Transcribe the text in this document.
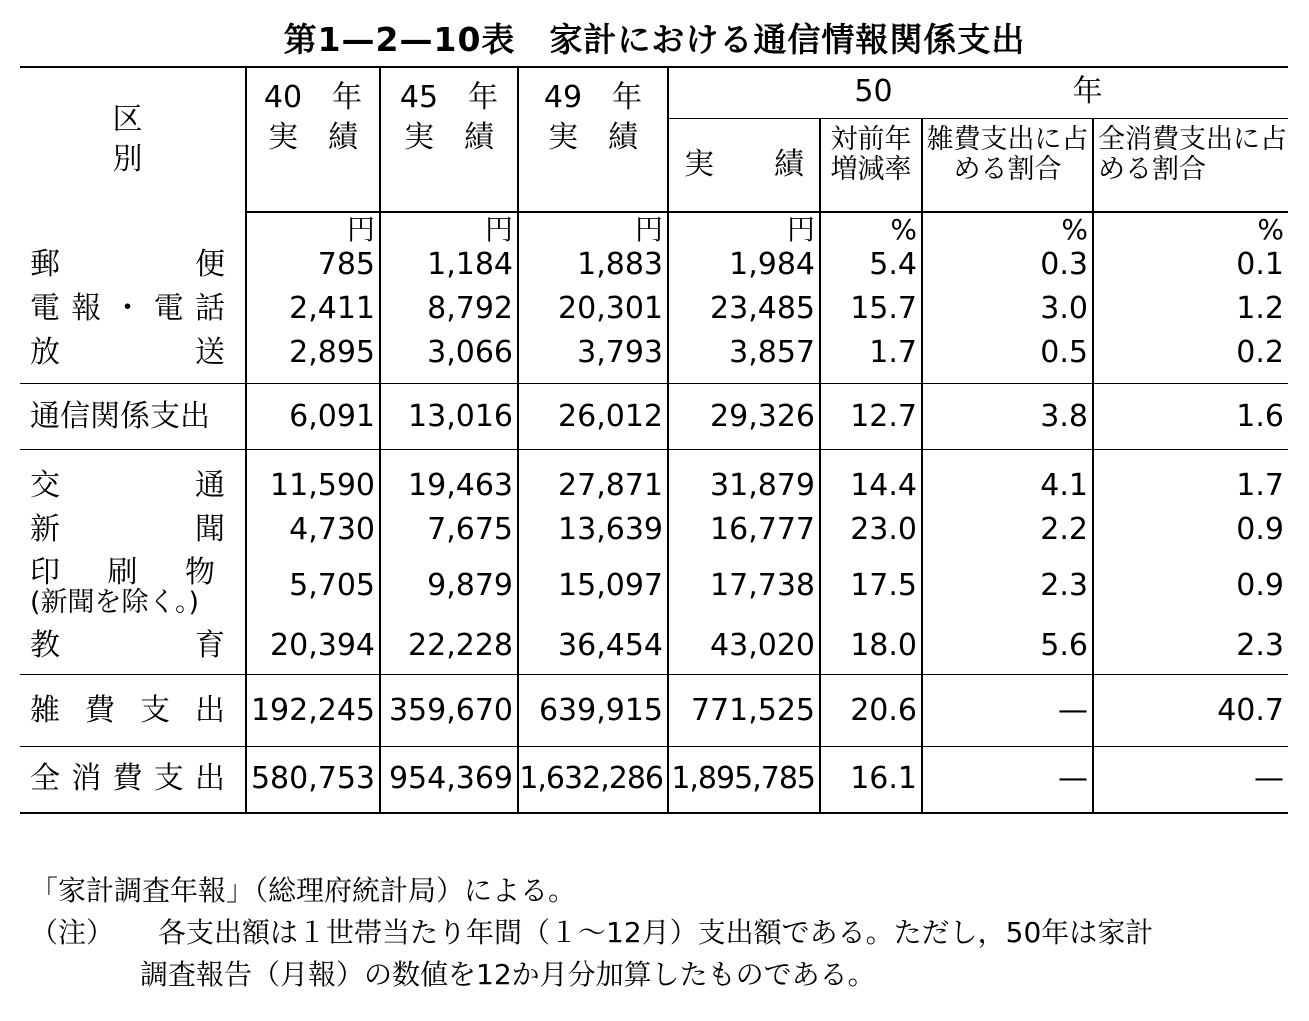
第1—2—10表　家計における通信情報関係支出
区別	40　年	45　年	49　年	50　　　　　　年			
	実　績	実　績	実　績	実　　績	対前年増減率	雑費支出に占める割合	全消費支出に占める割合
	円	円	円	円	%	%	%
郵便	785	1,184	1,883	1,984	5.4	0.3	0.1
電報・電話	2,411	8,792	20,301	23,485	15.7	3.0	1.2
放送	2,895	3,066	3,793	3,857	1.7	0.5	0.2
通信関係支出	6,091	13,016	26,012	29,326	12.7	3.8	1.6
交通	11,590	19,463	27,871	31,879	14.4	4.1	1.7
新聞	4,730	7,675	13,639	16,777	23.0	2.2	0.9

印刷物
(新聞を除く。)	5,705	9,879	15,097	17,738	17.5	2.3	0.9
教育	20,394	22,228	36,454	43,020	18.0	5.6	2.3
雑費支出	192,245	359,670	639,915	771,525	20.6	—	40.7
全消費支出	580,753	954,369	1,632,286	1,895,785	16.1	—	—
「家計調査年報」（総理府統計局）による。
（注） 各支出額は１世帯当たり年間（１～12月）支出額である。ただし，50年は家計
調査報告（月報）の数値を12か月分加算したものである。
